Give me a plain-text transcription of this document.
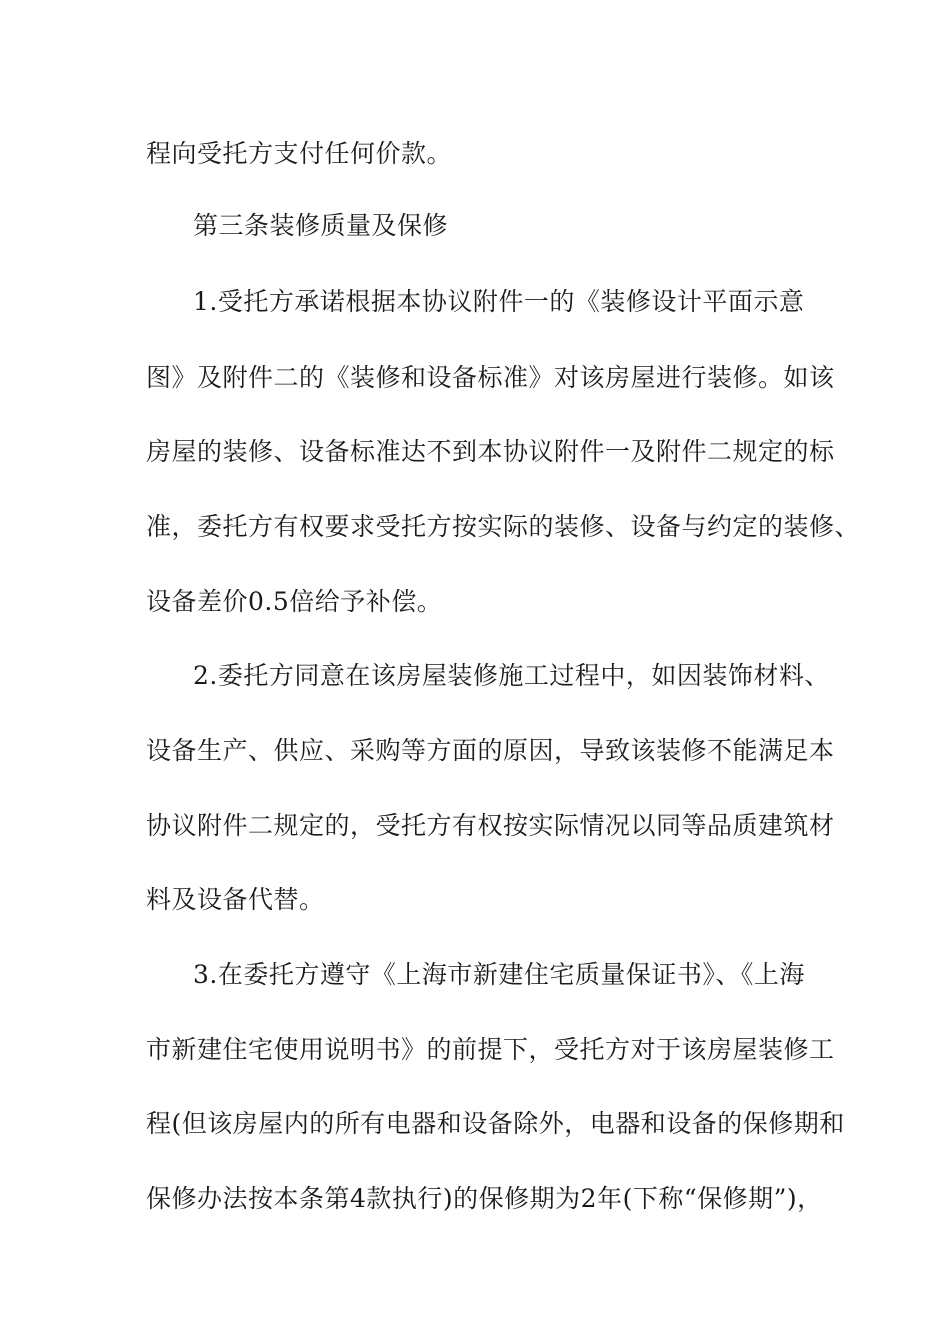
程向受托方支付任何价款。
第三条装修质量及保修
1.受托方承诺根据本协议附件一的《装修设计平面示意
图》及附件二的《装修和设备标准》对该房屋进行装修。如该
房屋的装修、设备标准达不到本协议附件一及附件二规定的标
准，委托方有权要求受托方按实际的装修、设备与约定的装修、
设备差价0.5倍给予补偿。
2.委托方同意在该房屋装修施工过程中，如因装饰材料、
设备生产、供应、采购等方面的原因，导致该装修不能满足本
协议附件二规定的，受托方有权按实际情况以同等品质建筑材
料及设备代替。
3.在委托方遵守《上海市新建住宅质量保证书》、《上海
市新建住宅使用说明书》的前提下，受托方对于该房屋装修工
程(但该房屋内的所有电器和设备除外，电器和设备的保修期和
保修办法按本条第4款执行)的保修期为2年(下称“保修期”)，
